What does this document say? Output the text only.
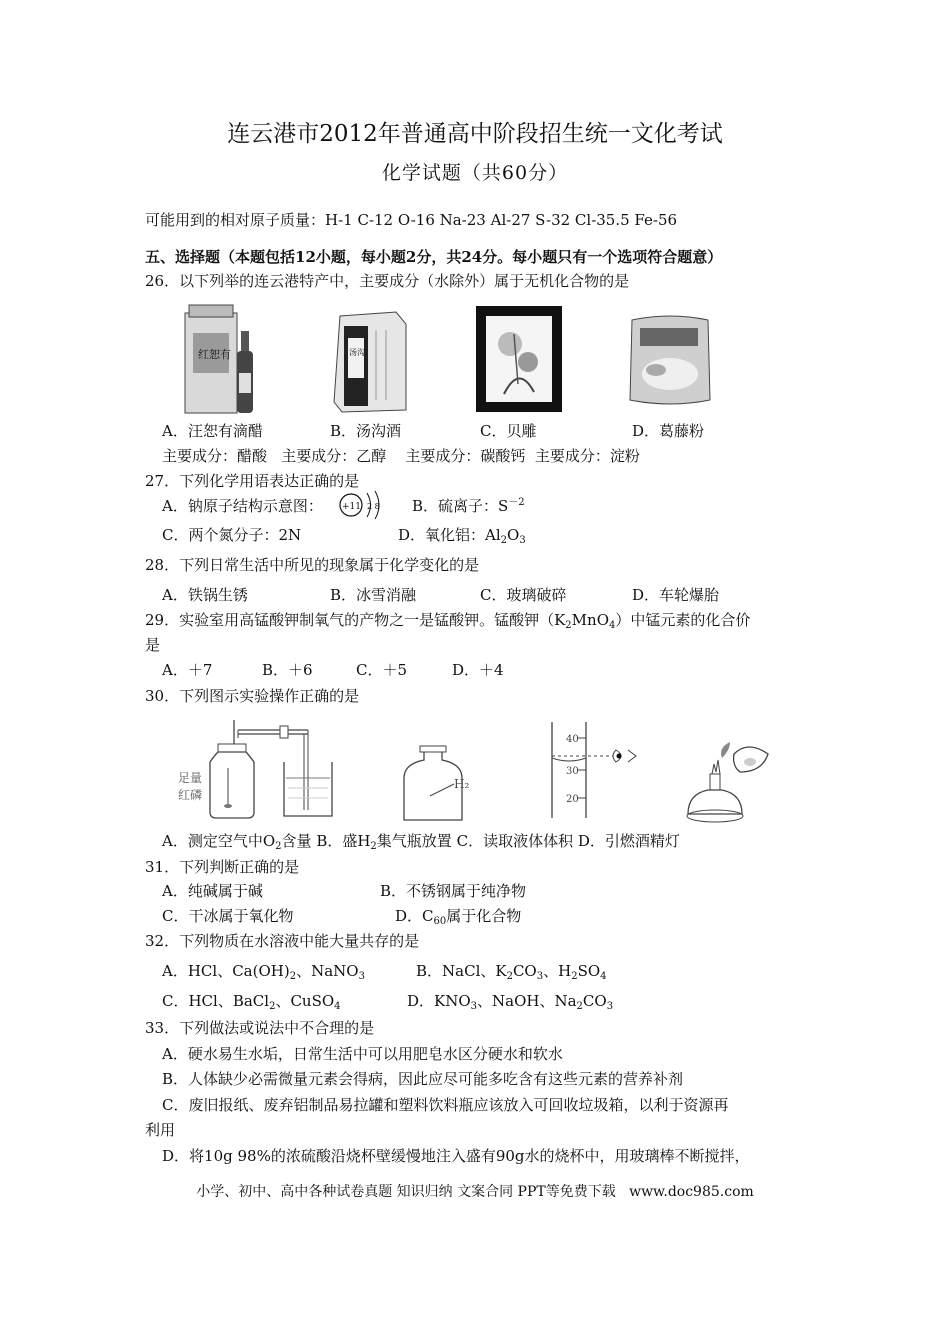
连云港市2012年普通高中阶段招生统一文化考试
化学试题（共60分）
可能用到的相对原子质量：H-1 C-12 O-16 Na-23 Al-27 S-32 Cl-35.5 Fe-56
五、选择题（本题包括12小题，每小题2分，共24分。每小题只有一个选项符合题意）
26．以下列举的连云港特产中，主要成分（水除外）属于无机化合物的是
红恕有	汤沟
A．汪恕有滴醋	B．汤沟酒	C．贝雕	D．葛藤粉
主要成分：醋酸   主要成分：乙醇    主要成分：碳酸钙  主要成分：淀粉
27．下列化学用语表达正确的是
A．钠原子结构示意图： +11 2 8 B．硫离子：$S^{-2}$
C．两个氮分子：2N	D．氧化铝：$Al_2O_3$
28．下列日常生活中所见的现象属于化学变化的是
A．铁锅生锈	B．冰雪消融	C．玻璃破碎	D．车轮爆胎
29．实验室用高锰酸钾制氧气的产物之一是锰酸钾。锰酸钾$(K_2MnO_4)$中锰元素的化合价
是
A．＋7	B．＋6	C．＋5	D．＋4
30．下列图示实验操作正确的是
足量
红磷
H₂
40
30
20
A．测定空气中$O_2$含量 B．盛$H_2$集气瓶放置 C．读取液体体积 D．引燃酒精灯
31．下列判断正确的是
A．纯碱属于碱	B．不锈钢属于纯净物
C．干冰属于氧化物	D．$C_{60}$属于化合物
32．下列物质在水溶液中能大量共存的是
A．HCl、$Ca(OH)_2$、NaNO$_3$	B．NaCl、$K_2CO_3$、$H_2SO_4$
C．HCl、BaCl$_2$、CuSO$_4$	D．$KNO_3$、NaOH、$Na_2CO_3$
33．下列做法或说法中不合理的是
A．硬水易生水垢，日常生活中可以用肥皂水区分硬水和软水
B．人体缺少必需微量元素会得病，因此应尽可能多吃含有这些元素的营养补剂
C．废旧报纸、废弃铝制品易拉罐和塑料饮料瓶应该放入可回收垃圾箱，以利于资源再
利用
D．将10g 98%的浓硫酸沿烧杯壁缓慢地注入盛有90g水的烧杯中，用玻璃棒不断搅拌，
小学、初中、高中各种试卷真题 知识归纳 文案合同 PPT等免费下载   www.doc985.com
